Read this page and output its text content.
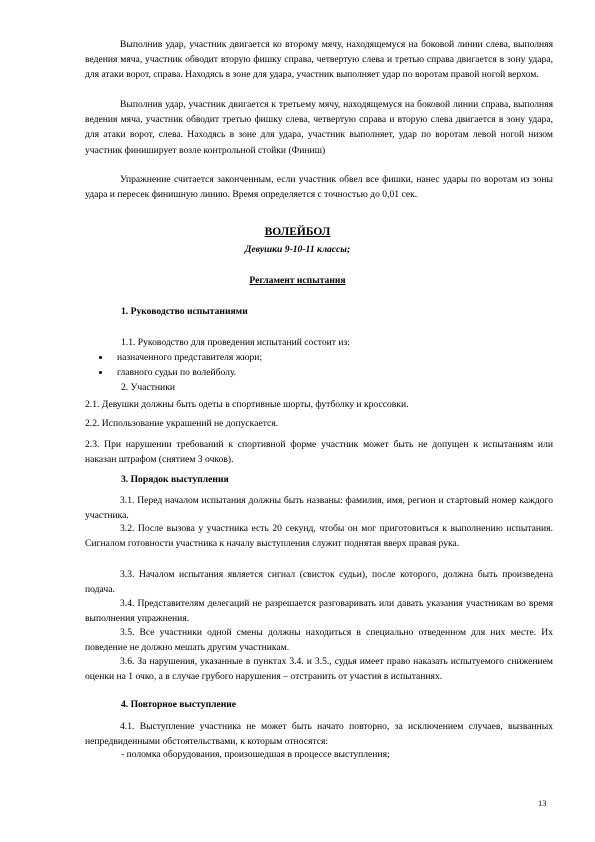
Выполнив удар, участник двигается ко второму мячу, находящемуся на боковой линии слева, выполняя ведения мяча, участник обводит вторую фишку справа, четвертую слева и третью справа двигается в зону удара, для атаки ворот, справа. Находясь в зоне для удара, участник выполняет удар по воротам правой ногой верхом.

Выполнив удар, участник двигается к третьему мячу, находящемуся на боковой линии справа, выполняя ведения мяча, участник обводит третью фишку слева, четвертую справа и вторую слева двигается в зону удара, для атаки ворот, слева. Находясь в зоне для удара, участник выполняет, удар по воротам левой ногой низом участник финиширует возле контрольной стойки (Финиш)

Упражнение считается законченным, если участник обвел все фишки, нанес удары по воротам из зоны удара и пересек финишную линию. Время определяется с точностью до 0,01 сек.

ВОЛЕЙБОЛ

Девушки 9-10-11 классы;

Регламент испытания

1. Руководство испытаниями

1.1. Руководство для проведения испытаний состоит из:

назначенного представителя жюри;

главного судьи по волейболу.

2. Участники

2.1. Девушки должны быть одеты в спортивные шорты, футболку и кроссовки.

2.2. Использование украшений не допускается.

2.3. При нарушении требований к спортивной форме участник может быть не допущен к испытаниям или наказан штрафом (снятием 3 очков).

3. Порядок выступления

3.1. Перед началом испытания должны быть названы: фамилия, имя, регион и стартовый номер каждого участника.

3.2. После вызова у участника есть 20 секунд, чтобы он мог приготовиться к выполнению испытания. Сигналом готовности участника к началу выступления служит поднятая вверх правая рука.

3.3. Началом испытания является сигнал (свисток судьи), после которого, должна быть произведена подача.

3.4. Представителям делегаций не разрешается разговаривать или давать указания участникам во время выполнения упражнения.

3.5. Все участники одной смены должны находиться в специально отведенном для них месте. Их поведение не должно мешать другим участникам.

3.6. За нарушения, указанные в пунктах 3.4. и 3.5., судья имеет право наказать испытуемого снижением оценки на 1 очко, а в случае грубого нарушения – отстранить от участия в испытаниях.

4. Повторное выступление

4.1. Выступление участника не может быть начато повторно, за исключением случаев, вызванных непредвиденными обстоятельствами, к которым относятся:

- поломка оборудования, произошедшая в процессе выступления;

13
